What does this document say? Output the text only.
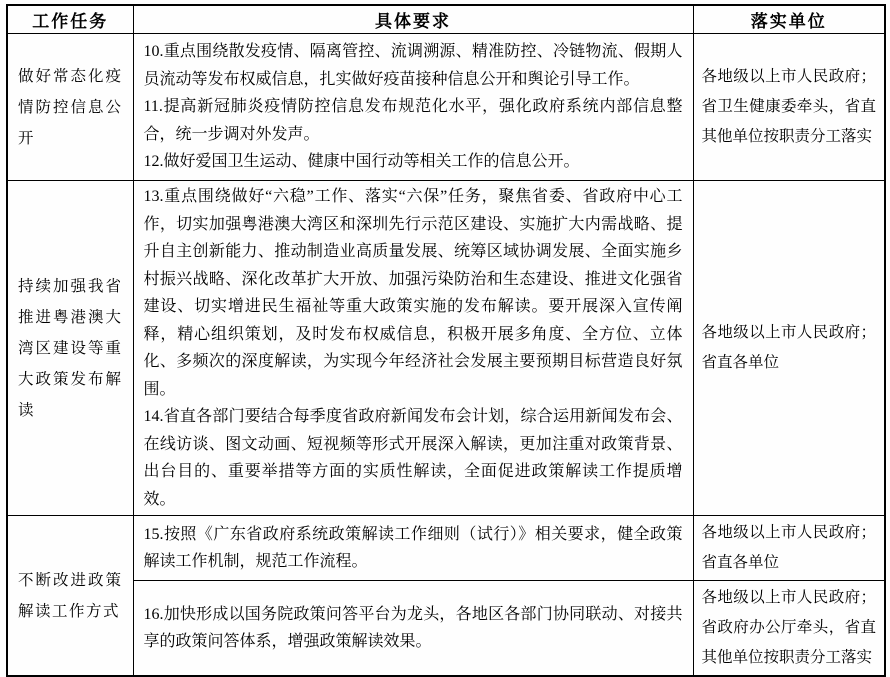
工作任务	具体要求	落实单位
做好常态化疫情防控信息公开	10.重点围绕散发疫情、隔离管控、流调溯源、精准防控、冷链物流、假期人员流动等发布权威信息，扎实做好疫苗接种信息公开和舆论引导工作。

11.提高新冠肺炎疫情防控信息发布规范化水平，强化政府系统内部信息整合，统一步调对外发声。

12.做好爱国卫生运动、健康中国行动等相关工作的信息公开。	各地级以上市人民政府；省卫生健康委牵头，省直其他单位按职责分工落实
持续加强我省推进粤港澳大湾区建设等重大政策发布解读	13.重点围绕做好“六稳”工作、落实“六保”任务，聚焦省委、省政府中心工作，切实加强粤港澳大湾区和深圳先行示范区建设、实施扩大内需战略、提升自主创新能力、推动制造业高质量发展、统筹区域协调发展、全面实施乡村振兴战略、深化改革扩大开放、加强污染防治和生态建设、推进文化强省建设、切实增进民生福祉等重大政策实施的发布解读。要开展深入宣传阐释，精心组织策划，及时发布权威信息，积极开展多角度、全方位、立体化、多频次的深度解读，为实现今年经济社会发展主要预期目标营造良好氛围。

14.省直各部门要结合每季度省政府新闻发布会计划，综合运用新闻发布会、在线访谈、图文动画、短视频等形式开展深入解读，更加注重对政策背景、出台目的、重要举措等方面的实质性解读，全面促进政策解读工作提质增效。	各地级以上市人民政府；省直各单位
不断改进政策解读工作方式	15.按照《广东省政府系统政策解读工作细则（试行）》相关要求，健全政策解读工作机制，规范工作流程。	各地级以上市人民政府；省直各单位

	16.加快形成以国务院政策问答平台为龙头，各地区各部门协同联动、对接共享的政策问答体系，增强政策解读效果。	各地级以上市人民政府；省政府办公厅牵头，省直其他单位按职责分工落实
